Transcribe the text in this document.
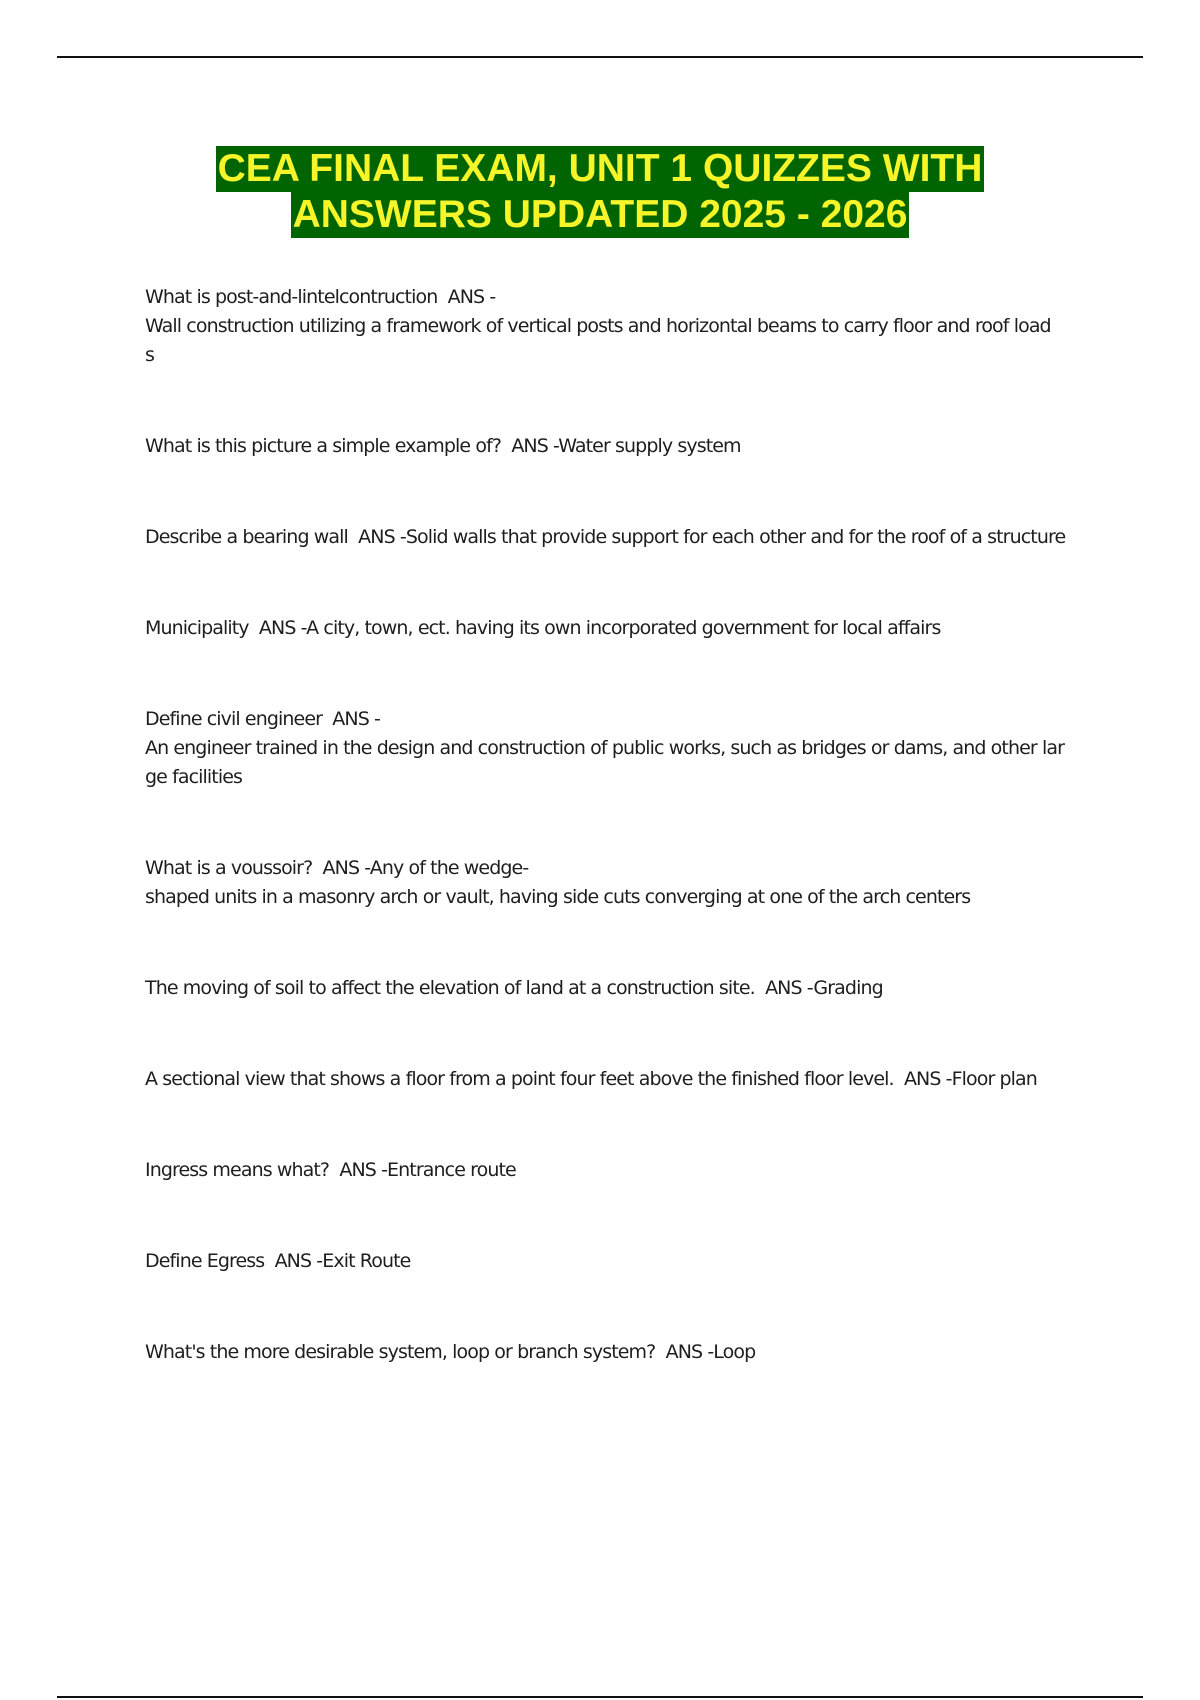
CEA FINAL EXAM, UNIT 1 QUIZZES WITH
ANSWERS UPDATED 2025 - 2026
What is post-and-lintelcontruction  ANS -
Wall construction utilizing a framework of vertical posts and horizontal beams to carry floor and roof load
s
What is this picture a simple example of?  ANS -Water supply system
Describe a bearing wall  ANS -Solid walls that provide support for each other and for the roof of a structure
Municipality  ANS -A city, town, ect. having its own incorporated government for local affairs
Define civil engineer  ANS -
An engineer trained in the design and construction of public works, such as bridges or dams, and other lar
ge facilities
What is a voussoir?  ANS -Any of the wedge-
shaped units in a masonry arch or vault, having side cuts converging at one of the arch centers
The moving of soil to affect the elevation of land at a construction site.  ANS -Grading
A sectional view that shows a floor from a point four feet above the finished floor level.  ANS -Floor plan
Ingress means what?  ANS -Entrance route
Define Egress  ANS -Exit Route
What's the more desirable system, loop or branch system?  ANS -Loop
